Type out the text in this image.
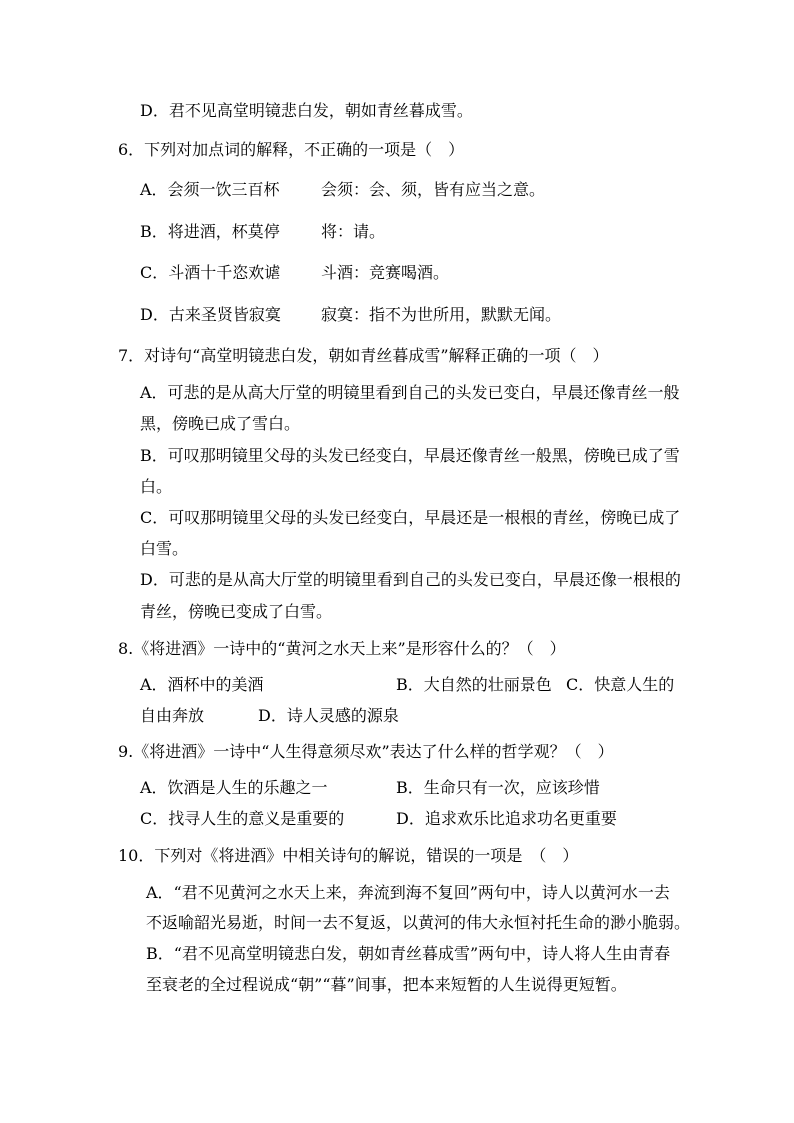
D．君不见高堂明镜悲白发，朝如青丝暮成雪。
6．下列对加点词的解释，不正确的一项是（　）
A．会须一饮三百杯	会须：会、须，皆有应当之意。
B．将进酒，杯莫停	将：请。
C．斗酒十千恣欢谑	斗酒：竞赛喝酒。
D．古来圣贤皆寂寞	寂寞：指不为世所用，默默无闻。
7．对诗句“高堂明镜悲白发，朝如青丝暮成雪”解释正确的一项（　）
A．可悲的是从高大厅堂的明镜里看到自己的头发已变白，早晨还像青丝一般
黑，傍晚已成了雪白。
B．可叹那明镜里父母的头发已经变白，早晨还像青丝一般黑，傍晚已成了雪
白。
C．可叹那明镜里父母的头发已经变白，早晨还是一根根的青丝，傍晚已成了
白雪。
D．可悲的是从高大厅堂的明镜里看到自己的头发已变白，早晨还像一根根的
青丝，傍晚已变成了白雪。
8.《将进酒》一诗中的“黄河之水天上来”是形容什么的？（　）
A．酒杯中的美酒	B．大自然的壮丽景色 C．快意人生的
自由奔放	D．诗人灵感的源泉
9.《将进酒》一诗中“人生得意须尽欢”表达了什么样的哲学观？（　）
A．饮酒是人生的乐趣之一	B．生命只有一次，应该珍惜
C．找寻人生的意义是重要的	D．追求欢乐比追求功名更重要
10．下列对《将进酒》中相关诗句的解说，错误的一项是　（　）
A．“君不见黄河之水天上来，奔流到海不复回”两句中，诗人以黄河水一去
不返喻韶光易逝，时间一去不复返，以黄河的伟大永恒衬托生命的渺小脆弱。
B．“君不见高堂明镜悲白发，朝如青丝暮成雪”两句中，诗人将人生由青春
至衰老的全过程说成“朝”“暮”间事，把本来短暂的人生说得更短暂。
